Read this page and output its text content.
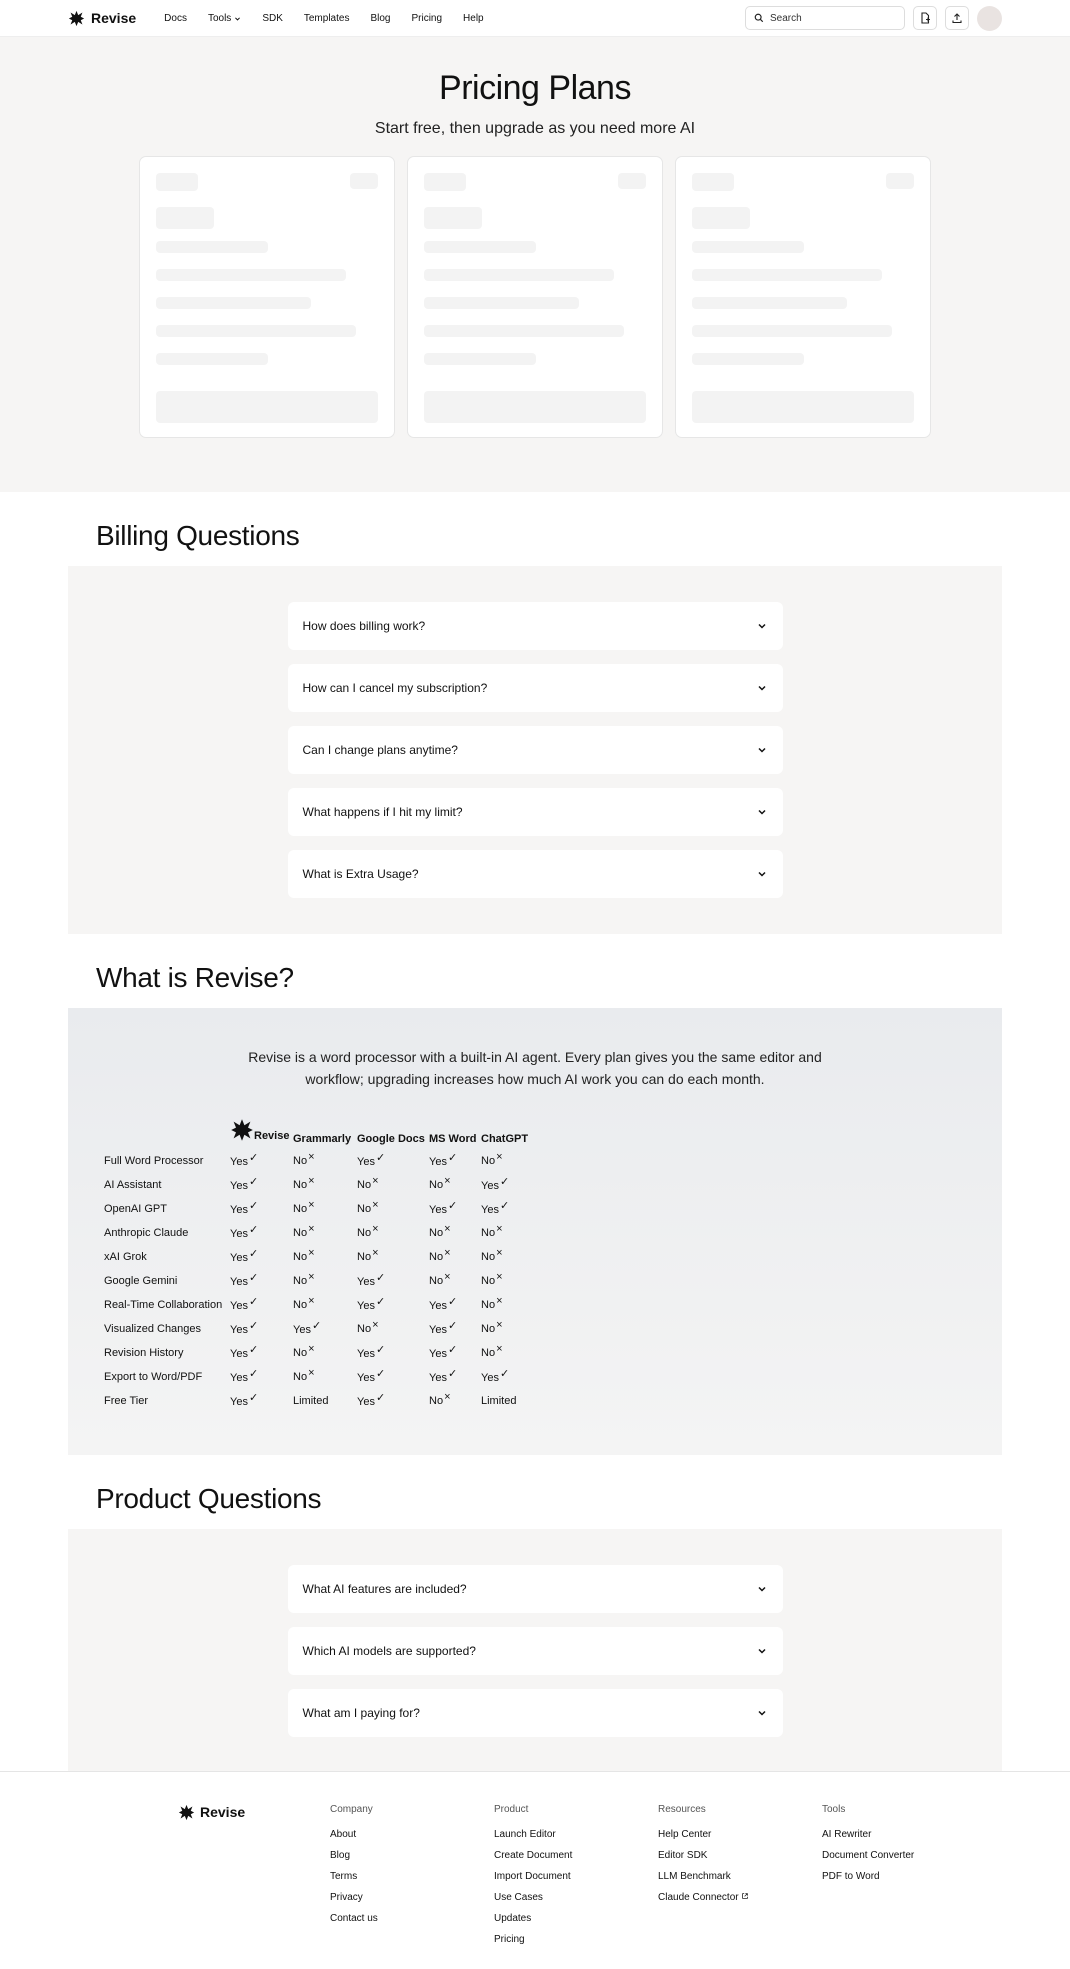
Revise	Docs Tools	SDK Templates Blog Pricing Help	Search
Pricing Plans

Start free, then upgrade as you need more AI

Billing Questions
How does billing work?
How can I cancel my subscription?
Can I change plans anytime?
What happens if I hit my limit?
What is Extra Usage?
What is Revise?

Revise is a word processor with a built-in AI agent. Every plan gives you the same editor and workflow; upgrading increases how much AI work you can do each month.

	Revise	Grammarly	Google Docs	MS Word	ChatGPT
Full Word Processor	Yes✓	No×	Yes✓	Yes✓	No×
AI Assistant	Yes✓	No×	No×	No×	Yes✓
OpenAI GPT	Yes✓	No×	No×	Yes✓	Yes✓
Anthropic Claude	Yes✓	No×	No×	No×	No×
xAI Grok	Yes✓	No×	No×	No×	No×
Google Gemini	Yes✓	No×	Yes✓	No×	No×
Real-Time Collaboration	Yes✓	No×	Yes✓	Yes✓	No×
Visualized Changes	Yes✓	Yes✓	No×	Yes✓	No×
Revision History	Yes✓	No×	Yes✓	Yes✓	No×
Export to Word/PDF	Yes✓	No×	Yes✓	Yes✓	Yes✓
Free Tier	Yes✓	Limited	Yes✓	No×	Limited
Product Questions
What AI features are included?
Which AI models are supported?
What am I paying for?
Revise	Company
About
Blog
Terms
Privacy
Contact us
Product
Launch Editor
Create Document
Import Document
Use Cases
Updates
Pricing
Resources
Help Center
Editor SDK
LLM Benchmark
Claude Connector
Tools
AI Rewriter
Document Converter
PDF to Word
